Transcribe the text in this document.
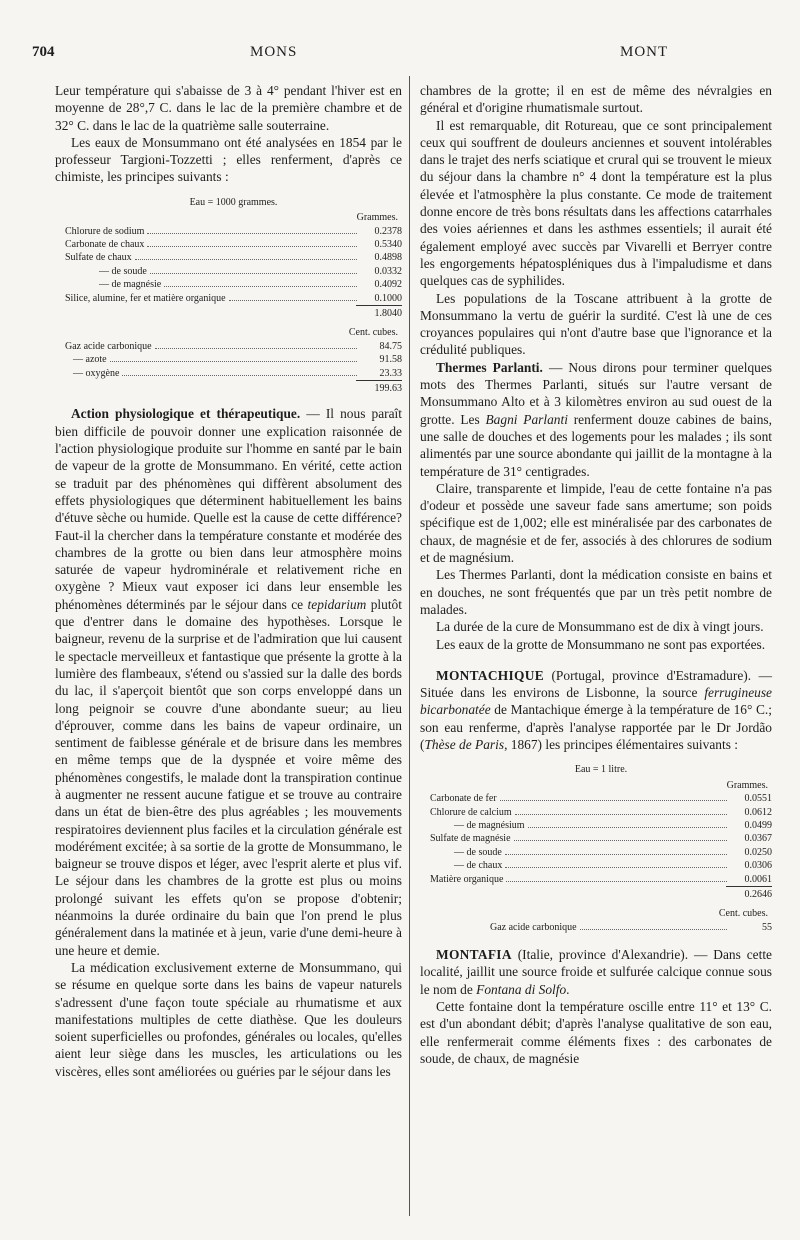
704	MONS	MONT

Leur température qui s'abaisse de 3 à 4° pendant l'hiver est en moyenne de 28°,7 C. dans le lac de la première chambre et de 32° C. dans le lac de la quatrième salle souterraine.

Les eaux de Monsummano ont été analysées en 1854 par le professeur Targioni-Tozzetti ; elles renferment, d'après ce chimiste, les principes suivants :

Eau = 1000 grammes.
Grammes.
Chlorure de sodium	0.2378
Carbonate de chaux	0.5340
Sulfate de chaux	0.4898
— de soude	0.0332
— de magnésie	0.4092
Silice, alumine, fer et matière organique	0.1000
1.8040
Cent. cubes.
Gaz acide carbonique	84.75
— azote	91.58
— oxygène	23.33
199.63

Action physiologique et thérapeutique. — Il nous paraît bien difficile de pouvoir donner une explication raisonnée de l'action physiologique produite sur l'homme en santé par le bain de vapeur de la grotte de Monsummano. En vérité, cette action se traduit par des phénomènes qui diffèrent absolument des effets physiologiques que déterminent habituellement les bains d'étuve sèche ou humide. Quelle est la cause de cette différence? Faut-il la chercher dans la température constante et modérée des chambres de la grotte ou bien dans leur atmosphère moins saturée de vapeur hydrominérale et relativement riche en oxygène ? Mieux vaut exposer ici dans leur ensemble les phénomènes déterminés par le séjour dans ce tepidarium plutôt que d'entrer dans le domaine des hypothèses. Lorsque le baigneur, revenu de la surprise et de l'admiration que lui causent le spectacle merveilleux et fantastique que présente la grotte à la lumière des flambeaux, s'étend ou s'assied sur la dalle des bords du lac, il s'aperçoit bientôt que son corps enveloppé dans un long peignoir se couvre d'une abondante sueur; au lieu d'éprouver, comme dans les bains de vapeur ordinaire, un sentiment de faiblesse générale et de brisure dans les membres en même temps que de la dyspnée et voire même des phénomènes congestifs, le malade dont la transpiration continue à augmenter ne ressent aucune fatigue et se trouve au contraire dans un état de bien-être des plus agréables ; les mouvements respiratoires deviennent plus faciles et la circulation générale est modérément excitée; à sa sortie de la grotte de Monsummano, le baigneur se trouve dispos et léger, avec l'esprit alerte et plus vif. Le séjour dans les chambres de la grotte est plus ou moins prolongé suivant les effets qu'on se propose d'obtenir; néanmoins la durée ordinaire du bain que l'on prend le plus généralement dans la matinée et à jeun, varie d'une demi-heure à une heure et demie.

La médication exclusivement externe de Monsummano, qui se résume en quelque sorte dans les bains de vapeur naturels s'adressent d'une façon toute spéciale au rhumatisme et aux manifestations multiples de cette diathèse. Que les douleurs soient superficielles ou profondes, générales ou locales, qu'elles aient leur siège dans les muscles, les articulations ou les viscères, elles sont améliorées ou guéries par le séjour dans les

chambres de la grotte; il en est de même des névralgies en général et d'origine rhumatismale surtout.

Il est remarquable, dit Rotureau, que ce sont principalement ceux qui souffrent de douleurs anciennes et souvent intolérables dans le trajet des nerfs sciatique et crural qui se trouvent le mieux du séjour dans la chambre n° 4 dont la température est la plus élevée et l'atmosphère la plus constante. Ce mode de traitement donne encore de très bons résultats dans les affections catarrhales des voies aériennes et dans les asthmes essentiels; il aurait été également employé avec succès par Vivarelli et Berryer contre les engorgements hépatospléniques dus à l'impaludisme et dans quelques cas de syphilides.

Les populations de la Toscane attribuent à la grotte de Monsummano la vertu de guérir la surdité. C'est là une de ces croyances populaires qui n'ont d'autre base que l'ignorance et la crédulité publiques.

Thermes Parlanti. — Nous dirons pour terminer quelques mots des Thermes Parlanti, situés sur l'autre versant de Monsummano Alto et à 3 kilomètres environ au sud ouest de la grotte. Les Bagni Parlanti renferment douze cabines de bains, une salle de douches et des logements pour les malades ; ils sont alimentés par une source abondante qui jaillit de la montagne à la température de 31° centigrades.

Claire, transparente et limpide, l'eau de cette fontaine n'a pas d'odeur et possède une saveur fade sans amertume; son poids spécifique est de 1,002; elle est minéralisée par des carbonates de chaux, de magnésie et de fer, associés à des chlorures de sodium et de magnésium.

Les Thermes Parlanti, dont la médication consiste en bains et en douches, ne sont fréquentés que par un très petit nombre de malades.

La durée de la cure de Monsummano est de dix à vingt jours.

Les eaux de la grotte de Monsummano ne sont pas exportées.

MONTACHIQUE (Portugal, province d'Estramadure). — Située dans les environs de Lisbonne, la source ferrugineuse bicarbonatée de Mantachique émerge à la température de 16° C.; son eau renferme, d'après l'analyse rapportée par le Dr Jordão (Thèse de Paris, 1867) les principes élémentaires suivants :

Eau = 1 litre.
Grammes.
Carbonate de fer	0.0551
Chlorure de calcium	0.0612
— de magnésium	0.0499
Sulfate de magnésie	0.0367
— de soude	0.0250
— de chaux	0.0306
Matière organique	0.0061
0.2646
Cent. cubes.
Gaz acide carbonique	55

MONTAFIA (Italie, province d'Alexandrie). — Dans cette localité, jaillit une source froide et sulfurée calcique connue sous le nom de Fontana di Solfo.

Cette fontaine dont la température oscille entre 11° et 13° C. est d'un abondant débit; d'après l'analyse qualitative de son eau, elle renfermerait comme éléments fixes : des carbonates de soude, de chaux, de magnésie
